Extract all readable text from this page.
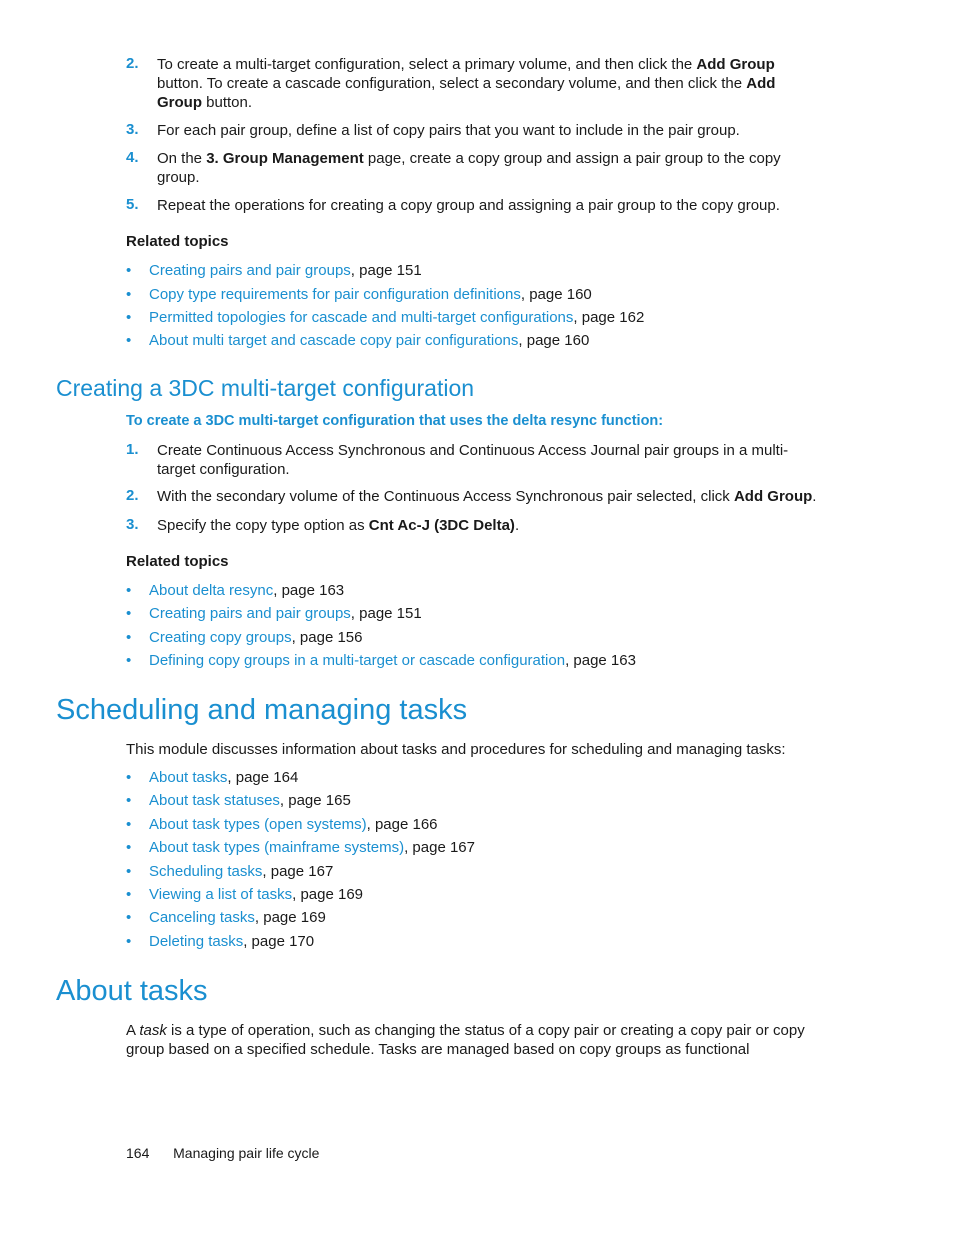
2. To create a multi-target configuration, select a primary volume, and then click the Add Group button. To create a cascade configuration, select a secondary volume, and then click the Add Group button.
3. For each pair group, define a list of copy pairs that you want to include in the pair group.
4. On the 3. Group Management page, create a copy group and assign a pair group to the copy group.
5. Repeat the operations for creating a copy group and assigning a pair group to the copy group.
Related topics
• Creating pairs and pair groups, page 151
• Copy type requirements for pair configuration definitions, page 160
• Permitted topologies for cascade and multi-target configurations, page 162
• About multi target and cascade copy pair configurations, page 160
Creating a 3DC multi-target configuration
To create a 3DC multi-target configuration that uses the delta resync function:
1. Create Continuous Access Synchronous and Continuous Access Journal pair groups in a multi-target configuration.
2. With the secondary volume of the Continuous Access Synchronous pair selected, click Add Group.
3. Specify the copy type option as Cnt Ac-J (3DC Delta).
Related topics
• About delta resync, page 163
• Creating pairs and pair groups, page 151
• Creating copy groups, page 156
• Defining copy groups in a multi-target or cascade configuration, page 163
Scheduling and managing tasks
This module discusses information about tasks and procedures for scheduling and managing tasks:
• About tasks, page 164
• About task statuses, page 165
• About task types (open systems), page 166
• About task types (mainframe systems), page 167
• Scheduling tasks, page 167
• Viewing a list of tasks, page 169
• Canceling tasks, page 169
• Deleting tasks, page 170
About tasks
A task is a type of operation, such as changing the status of a copy pair or creating a copy pair or copy group based on a specified schedule. Tasks are managed based on copy groups as functional
164 Managing pair life cycle
